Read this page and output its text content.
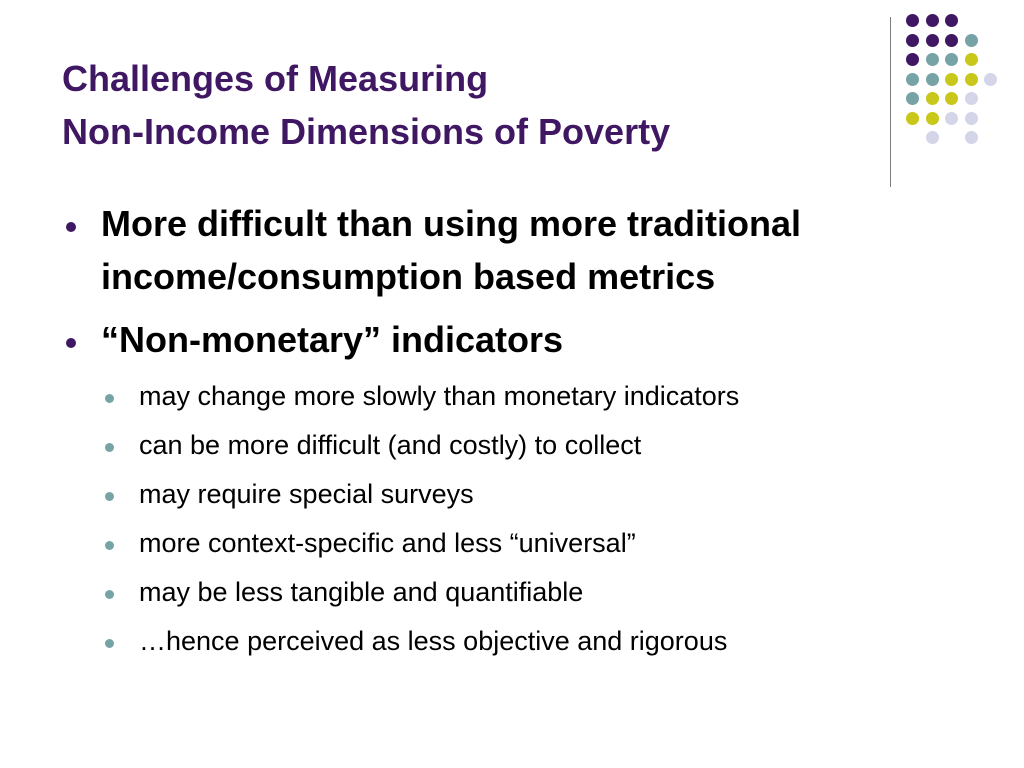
Challenges of Measuring
Non-Income Dimensions of Poverty
More difficult than using more traditional income/consumption based metrics
“Non-monetary” indicators
may change more slowly than monetary indicators
can be more difficult (and costly) to collect
may require special surveys
more context-specific and less “universal”
may be less tangible and quantifiable
…hence perceived as less objective and rigorous
